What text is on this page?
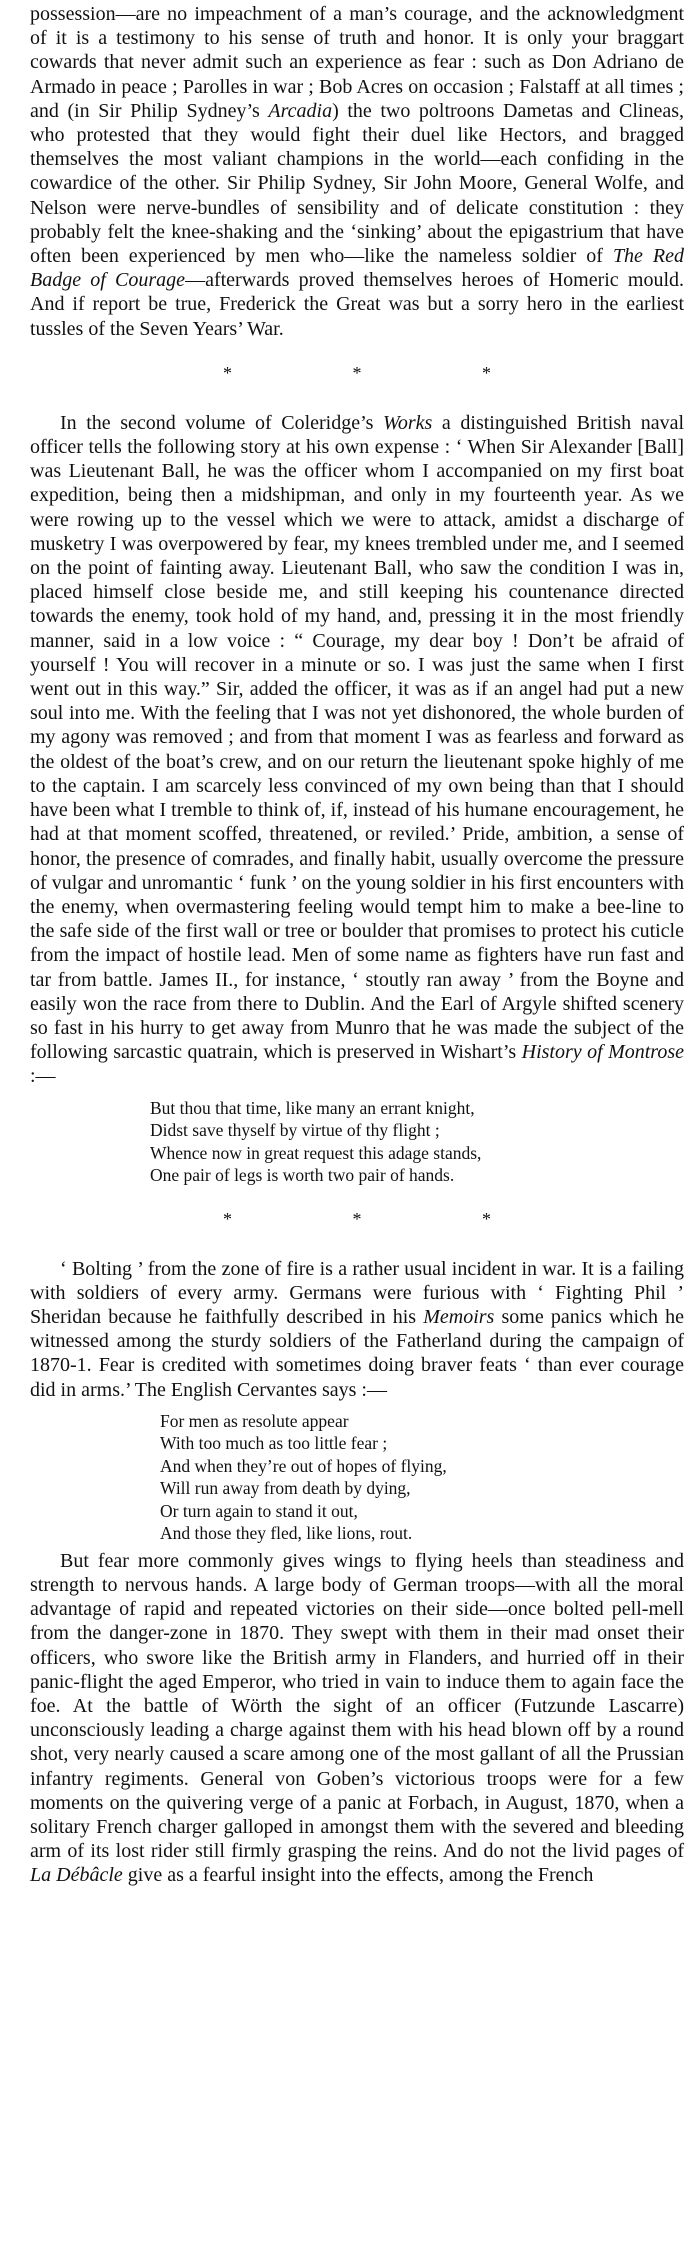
possession—are no impeachment of a man’s courage, and the acknowledgment of it is a testimony to his sense of truth and honor. It is only your braggart cowards that never admit such an experience as fear : such as Don Adriano de Armado in peace ; Parolles in war ; Bob Acres on occasion ; Falstaff at all times ; and (in Sir Philip Sydney’s Arcadia) the two poltroons Dametas and Clineas, who protested that they would fight their duel like Hectors, and bragged themselves the most valiant champions in the world—each confiding in the cowardice of the other. Sir Philip Sydney, Sir John Moore, General Wolfe, and Nelson were nerve-bundles of sensibility and of delicate constitution : they probably felt the knee-shaking and the ‘sinking’ about the epigastrium that have often been experienced by men who—like the nameless soldier of The Red Badge of Courage—afterwards proved themselves heroes of Homeric mould. And if report be true, Frederick the Great was but a sorry hero in the earliest tussles of the Seven Years’ War.

* * *

In the second volume of Coleridge’s Works a distinguished British naval officer tells the following story at his own expense : ‘ When Sir Alexander [Ball] was Lieutenant Ball, he was the officer whom I accompanied on my first boat expedition, being then a midshipman, and only in my fourteenth year. As we were rowing up to the vessel which we were to attack, amidst a discharge of musketry I was overpowered by fear, my knees trembled under me, and I seemed on the point of fainting away. Lieutenant Ball, who saw the condition I was in, placed himself close beside me, and still keeping his countenance directed towards the enemy, took hold of my hand, and, pressing it in the most friendly manner, said in a low voice : “ Courage, my dear boy ! Don’t be afraid of yourself ! You will recover in a minute or so. I was just the same when I first went out in this way.” Sir, added the officer, it was as if an angel had put a new soul into me. With the feeling that I was not yet dishonored, the whole burden of my agony was removed ; and from that moment I was as fearless and forward as the oldest of the boat’s crew, and on our return the lieutenant spoke highly of me to the captain. I am scarcely less convinced of my own being than that I should have been what I tremble to think of, if, instead of his humane encouragement, he had at that moment scoffed, threatened, or reviled.’ Pride, ambition, a sense of honor, the presence of comrades, and finally habit, usually overcome the pressure of vulgar and unromantic ‘ funk ’ on the young soldier in his first encounters with the enemy, when overmastering feeling would tempt him to make a bee-line to the safe side of the first wall or tree or boulder that promises to protect his cuticle from the impact of hostile lead. Men of some name as fighters have run fast and tar from battle. James II., for instance, ‘ stoutly ran away ’ from the Boyne and easily won the race from there to Dublin. And the Earl of Argyle shifted scenery so fast in his hurry to get away from Munro that he was made the subject of the following sarcastic quatrain, which is preserved in Wishart’s History of Montrose :—

But thou that time, like many an errant knight,
Didst save thyself by virtue of thy flight ;
Whence now in great request this adage stands,
One pair of legs is worth two pair of hands.
* * *

‘ Bolting ’ from the zone of fire is a rather usual incident in war. It is a failing with soldiers of every army. Germans were furious with ‘ Fighting Phil ’ Sheridan because he faithfully described in his Memoirs some panics which he witnessed among the sturdy soldiers of the Fatherland during the campaign of 1870-1. Fear is credited with sometimes doing braver feats ‘ than ever courage did in arms.’ The English Cervantes says :—

For men as resolute appear
With too much as too little fear ;
And when they’re out of hopes of flying,
Will run away from death by dying,
Or turn again to stand it out,
And those they fled, like lions, rout.

But fear more commonly gives wings to flying heels than steadiness and strength to nervous hands. A large body of German troops—with all the moral advantage of rapid and repeated victories on their side—once bolted pell-mell from the danger-zone in 1870. They swept with them in their mad onset their officers, who swore like the British army in Flanders, and hurried off in their panic-flight the aged Emperor, who tried in vain to induce them to again face the foe. At the battle of Wörth the sight of an officer (Futzunde Lascarre) unconsciously leading a charge against them with his head blown off by a round shot, very nearly caused a scare among one of the most gallant of all the Prussian infantry regiments. General von Goben’s victorious troops were for a few moments on the quivering verge of a panic at Forbach, in August, 1870, when a solitary French charger galloped in amongst them with the severed and bleeding arm of its lost rider still firmly grasping the reins. And do not the livid pages of La Débâcle give as a fearful insight into the effects, among the French
